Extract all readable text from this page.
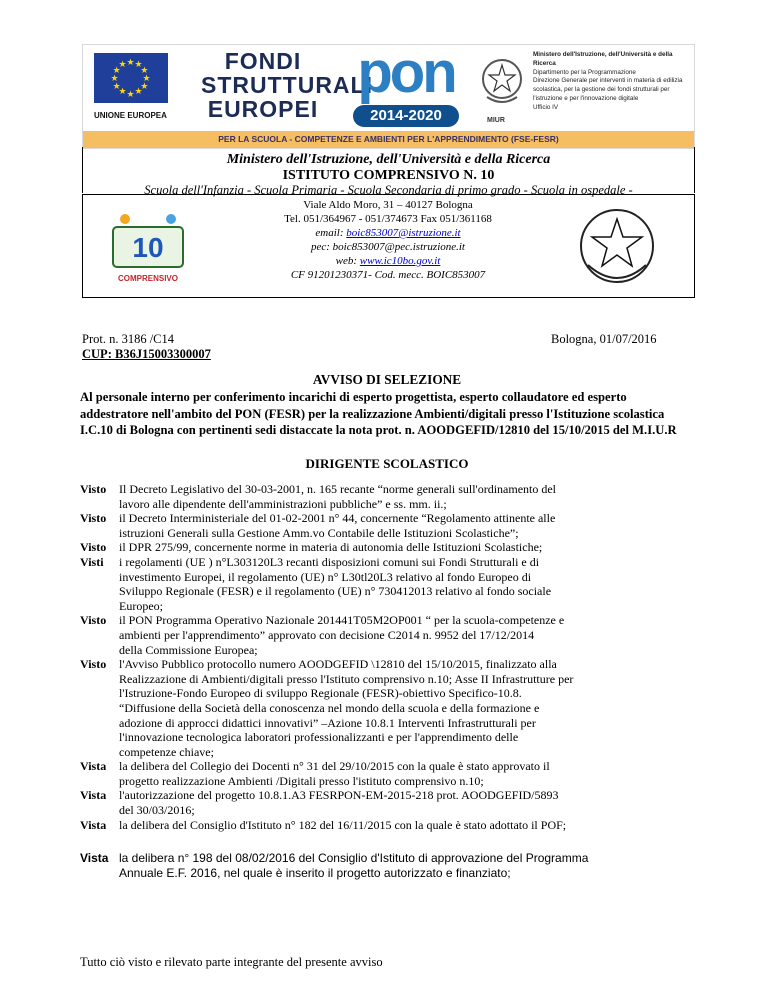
★
★
★
★
★
★
★
★
★ ★ ★
★
UNIONE EUROPEA
FONDI
STRUTTURALI
EUROPEI
pon
2014-2020	MIUR
Ministero dell'Istruzione, dell'Università e della Ricerca
Dipartimento per la Programmazione
Direzione Generale per interventi in materia di edilizia
scolastica, per la gestione dei fondi strutturali per
l'istruzione e per l'innovazione digitale
Ufficio IV
PER LA SCUOLA - COMPETENZE E AMBIENTI PER L'APPRENDIMENTO (FSE-FESR)
Ministero dell'Istruzione, dell'Università e della Ricerca
ISTITUTO COMPRENSIVO N. 10
Scuola dell'Infanzia - Scuola Primaria - Scuola Secondaria di primo grado - Scuola in ospedale -
10
COMPRENSIVO
Viale Aldo Moro, 31 – 40127 Bologna
Tel. 051/364967 - 051/374673 Fax 051/361168
email: boic853007@istruzione.it
pec: boic853007@pec.istruzione.it
web: www.ic10bo.gov.it
CF 91201230371- Cod. mecc. BOIC853007
Prot. n. 3186 /C14
CUP: B36J15003300007
Bologna, 01/07/2016
AVVISO DI SELEZIONE
Al personale interno per conferimento incarichi di esperto progettista, esperto collaudatore ed esperto addestratore nell'ambito del PON (FESR) per la realizzazione Ambienti/digitali presso l'Istituzione scolastica I.C.10 di Bologna con pertinenti sedi distaccate la nota prot. n. AOODGEFID/12810 del 15/10/2015 del M.I.U.R
DIRIGENTE SCOLASTICO
Visto Il Decreto Legislativo del 30-03-2001, n. 165 recante “norme generali sull'ordinamento del
lavoro alle dipendente dell'amministrazioni pubbliche” e ss. mm. ii.;
Visto il Decreto Interministeriale del 01-02-2001 n° 44, concernente “Regolamento attinente alle
istruzioni Generali sulla Gestione Amm.vo Contabile delle Istituzioni Scolastiche”;
Visto il DPR 275/99, concernente norme in materia di autonomia delle Istituzioni Scolastiche;
Visti i regolamenti (UE ) n°L303120L3 recanti disposizioni comuni sui Fondi Strutturali e di
investimento Europei, il regolamento (UE) n° L30tl20L3 relativo al fondo Europeo di
Sviluppo Regionale (FESR) e il regolamento (UE) n° 730412013 relativo al fondo sociale
Europeo;
Visto il PON Programma Operativo Nazionale 201441T05M2OP001 “ per la scuola-competenze e
ambienti per l'apprendimento” approvato con decisione C2014 n. 9952 del 17/12/2014
della Commissione Europea;
Visto l'Avviso Pubblico protocollo numero AOODGEFID \12810 del 15/10/2015, finalizzato alla
Realizzazione di Ambienti/digitali presso l'Istituto comprensivo n.10; Asse II Infrastrutture per
l'Istruzione-Fondo Europeo di sviluppo Regionale (FESR)-obiettivo Specifico-10.8.
“Diffusione della Società della conoscenza nel mondo della scuola e della formazione e
adozione di approcci didattici innovativi” –Azione 10.8.1 Interventi Infrastrutturali per
l'innovazione tecnologica laboratori professionalizzanti e per l'apprendimento delle
competenze chiave;
Vista la delibera del Collegio dei Docenti n° 31 del 29/10/2015 con la quale è stato approvato il
progetto realizzazione Ambienti /Digitali presso l'istituto comprensivo n.10;
Vista l'autorizzazione del progetto 10.8.1.A3 FESRPON-EM-2015-218 prot. AOODGEFID/5893
del 30/03/2016;
Vista la delibera del Consiglio d'Istituto n° 182 del 16/11/2015 con la quale è stato adottato il POF;
Vista la delibera n° 198 del 08/02/2016 del Consiglio d'Istituto di approvazione del Programma
Annuale E.F. 2016, nel quale è inserito il progetto autorizzato e finanziato;
Tutto ciò visto e rilevato parte integrante del presente avviso
